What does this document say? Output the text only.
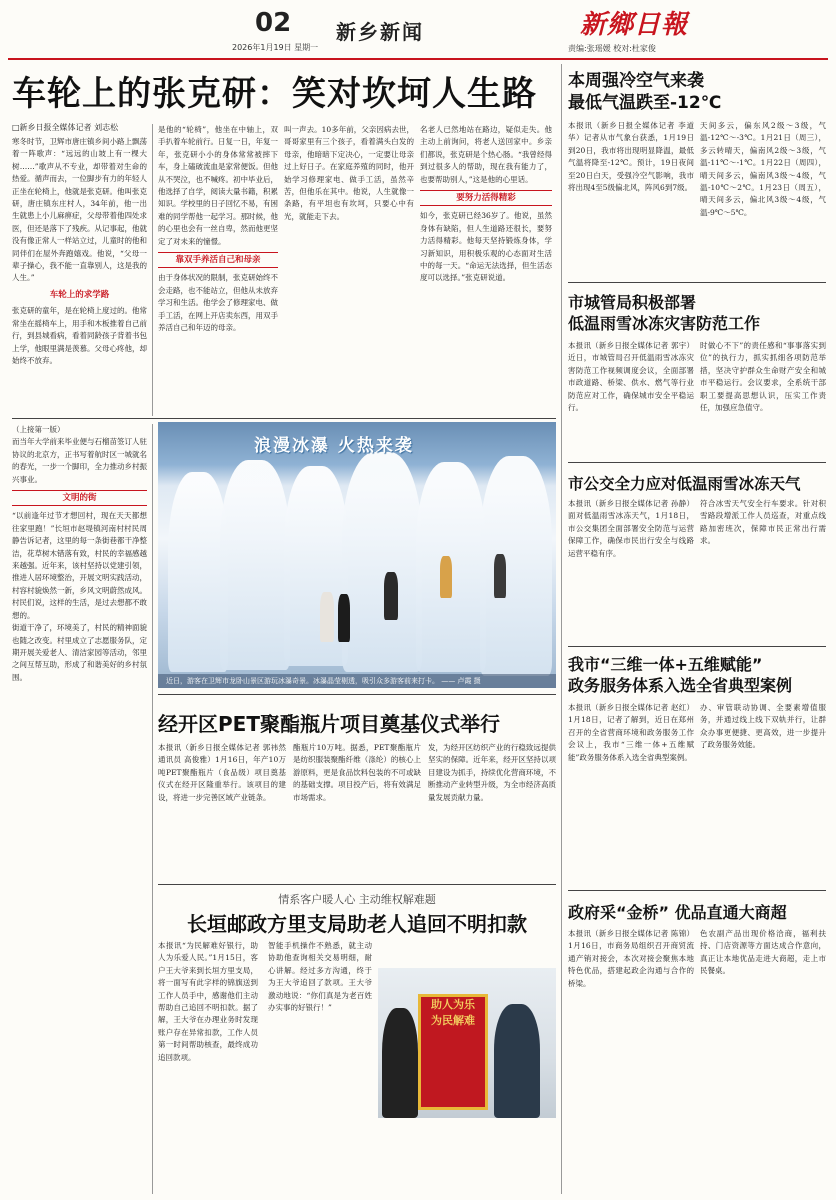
02
2026年1月19日 星期一
新乡新闻	新鄉日報
责编:张瑶媛 校对:杜家俊
车轮上的张克研：笑对坎坷人生路
□新乡日报全媒体记者 刘志松

寒冬时节，卫辉市唐庄镇乡间小路上飘荡着一阵歌声：“远远的山坡上有一棵大树……”歌声从不专业，却带着对生命的热爱。循声而去，一位脚步有力的年轻人正坐在轮椅上，他就是张克研。他叫张克研，唐庄镇东庄村人，34年前，他一出生就患上小儿麻痹症，父母带着他四处求医，但还是落下了残疾。从记事起，他就没有像正常人一样站立过，儿童时的他和同伴们在屋外奔跑嬉戏。他说，“父母一辈子操心，我不能一直靠别人，这是我的人生。”

车轮上的求学路

张克研的童年，是在轮椅上度过的。他常常坐在摇椅车上，用手和木板推着自己前行，到县城看病，看着同龄孩子背着书包上学，他眼里满是羡慕。父母心疼他，却始终不放弃。

是他的“轮椅”，他坐在中轴上，双手扒着车轮前行。日复一日，年复一年，张克研小小的身体常常被摔下车，身上磕破流血是家常便饭。但他从不哭泣，也不喊疼。初中毕业后，他选择了自学，阅读大量书籍，积累知识。学校里的日子回忆不易，有困难的同学帮他一起学习。那时候，他的心里也会有一丝自卑，然而他更坚定了对未来的憧憬。

靠双手养活自己和母亲

由于身体状况的限制，张克研始终不会走路，也不能站立，但他从未放弃学习和生活。他学会了修理家电、做手工活，在网上开店卖东西，用双手养活自己和年迈的母亲。

叫一声去。10多年前，父亲因病去世，哥哥家里有三个孩子，看着满头白发的母亲，他暗暗下定决心，一定要让母亲过上好日子。在家庭养殖的同时，他开始学习修理家电、做手工活，虽然辛苦，但他乐在其中。他说，人生就像一条路，有平坦也有坎坷，只要心中有光，就能走下去。

名老人已然地站在路边，疑似走失。他主动上前询问，将老人送回家中。乡亲们都说，张克研是个热心肠。“我曾经得到过很多人的帮助，现在我有能力了，也要帮助别人，”这是他的心里话。

要努力活得精彩

如今，张克研已经36岁了。他说，虽然身体有缺陷，但人生道路还很长，要努力活得精彩。他每天坚持锻炼身体，学习新知识，用积极乐观的心态面对生活中的每一天。“命运无法选择，但生活态度可以选择。”张克研说道。

（上接第一版）

而当年大学前来毕业便与石榴苗签订人驻协议的北京方，正书写着航时区一城就名的春光，一步一个脚印，全力推动乡村振兴事业。

文明的街

“以前逢年过节才想回村，现在天天都想往家里跑！”长垣市赵堤镇河南村村民周静告诉记者，这里的每一条街巷都干净整洁，花草树木错落有致，村民的幸福感越来越强。近年来，该村坚持以党建引领，推进人居环境整治，开展文明实践活动，村容村貌焕然一新，乡风文明蔚然成风。村民们说，这样的生活，是过去想都不敢想的。

街道干净了，环境美了，村民的精神面貌也随之改变。村里成立了志愿服务队，定期开展关爱老人、清洁家园等活动，邻里之间互帮互助，形成了和谐美好的乡村氛围。

浪漫冰瀑 火热来袭
近日，游客在卫辉市龙卧山景区游玩冰瀑奇景。冰瀑晶莹剔透，吸引众多游客前来打卡。 —— 卢霞 摄
经开区PET聚酯瓶片项目奠基仪式举行

本报讯（新乡日报全媒体记者 郭祎然 通讯员 高俊雅）1月16日，年产10万吨PET聚酯瓶片（食品级）项目奠基仪式在经开区隆重举行。该项目的建设，将进一步完善区域产业链条。

酯瓶片10万吨。据悉，PET聚酯瓶片是纺织服装聚酯纤维（涤纶）的核心上游原料，更是食品饮料包装的不可或缺的基础支撑。项目投产后，将有效满足市场需求。

发，为经开区纺织产业的行稳致远提供坚实的保障。近年来，经开区坚持以项目建设为抓手，持续优化营商环境，不断推动产业转型升级，为全市经济高质量发展贡献力量。

情系客户暖人心 主动维权解难题
长垣邮政方里支局助老人追回不明扣款

本报讯“为民解难好银行，助人为乐爱人民。”1月15日，客户王大爷来到长垣方里支局，将一面写有此字样的锦旗送到工作人员手中，感谢他们主动帮助自己追回不明扣款。据了解，王大爷在办理业务时发现账户存在异常扣款，工作人员第一时间帮助核查，最终成功追回款项。

智能手机操作不熟悉，就主动协助他查询相关交易明细，耐心讲解。经过多方沟通，终于为王大爷追回了款项。王大爷激动地说：“你们真是为老百姓办实事的好银行！”	助人为乐
为民解难
本周强冷空气来袭
最低气温跌至-12℃

本报讯（新乡日报全媒体记者 李道华）记者从市气象台获悉，1月19日到20日，我市将出现明显降温，最低气温将降至-12℃。预计，19日夜间至20日白天，受强冷空气影响，我市将出现4至5级偏北风，阵风6到7级。

天间多云，偏东风2级～3级，气温-12℃～-3℃。1月21日（周三），多云转晴天，偏南风2级～3级，气温-11℃～-1℃。1月22日（周四），晴天间多云，偏南风3级～4级，气温-10℃～2℃。1月23日（周五），晴天间多云，偏北风3级～4级，气温-9℃～5℃。

市城管局积极部署
低温雨雪冰冻灾害防范工作

本报讯（新乡日报全媒体记者 郭宇）近日，市城管局召开低温雨雪冰冻灾害防范工作视频调度会议，全面部署市政道路、桥梁、供水、燃气等行业防范应对工作，确保城市安全平稳运行。

时做心不下”的责任感和“事事落实到位”的执行力，抓实抓细各项防范举措，坚决守护群众生命财产安全和城市平稳运行。会议要求，全系统干部职工要提高思想认识，压实工作责任，加强应急值守。

市公交全力应对低温雨雪冰冻天气

本报讯（新乡日报全媒体记者 孙静）面对低温雨雪冰冻天气，1月18日，市公交集团全面部署安全防范与运营保障工作，确保市民出行安全与线路运营平稳有序。

符合冰雪天气安全行车要求。针对积雪路段增派工作人员巡查，对重点线路加密班次，保障市民正常出行需求。

我市“三维一体+五维赋能”
政务服务体系入选全省典型案例

本报讯（新乡日报全媒体记者 赵红）1月18日，记者了解到，近日在郑州召开的全省营商环境和政务服务工作会议上，我市“三维一体+五维赋能”政务服务体系入选全省典型案例。

办、审管联动协调、全要素增值服务，并通过线上线下双轨并行，让群众办事更便捷、更高效，进一步提升了政务服务效能。

政府采“金桥” 优品直通大商超

本报讯（新乡日报全媒体记者 陈锦）1月16日，市商务局组织召开商贸流通产销对接会，本次对接会聚焦本地特色优品，搭建起政企沟通与合作的桥梁。

色农副产品出现价格洽商，福利扶持、门店资源等方面达成合作意向，真正让本地优品走进大商超，走上市民餐桌。
